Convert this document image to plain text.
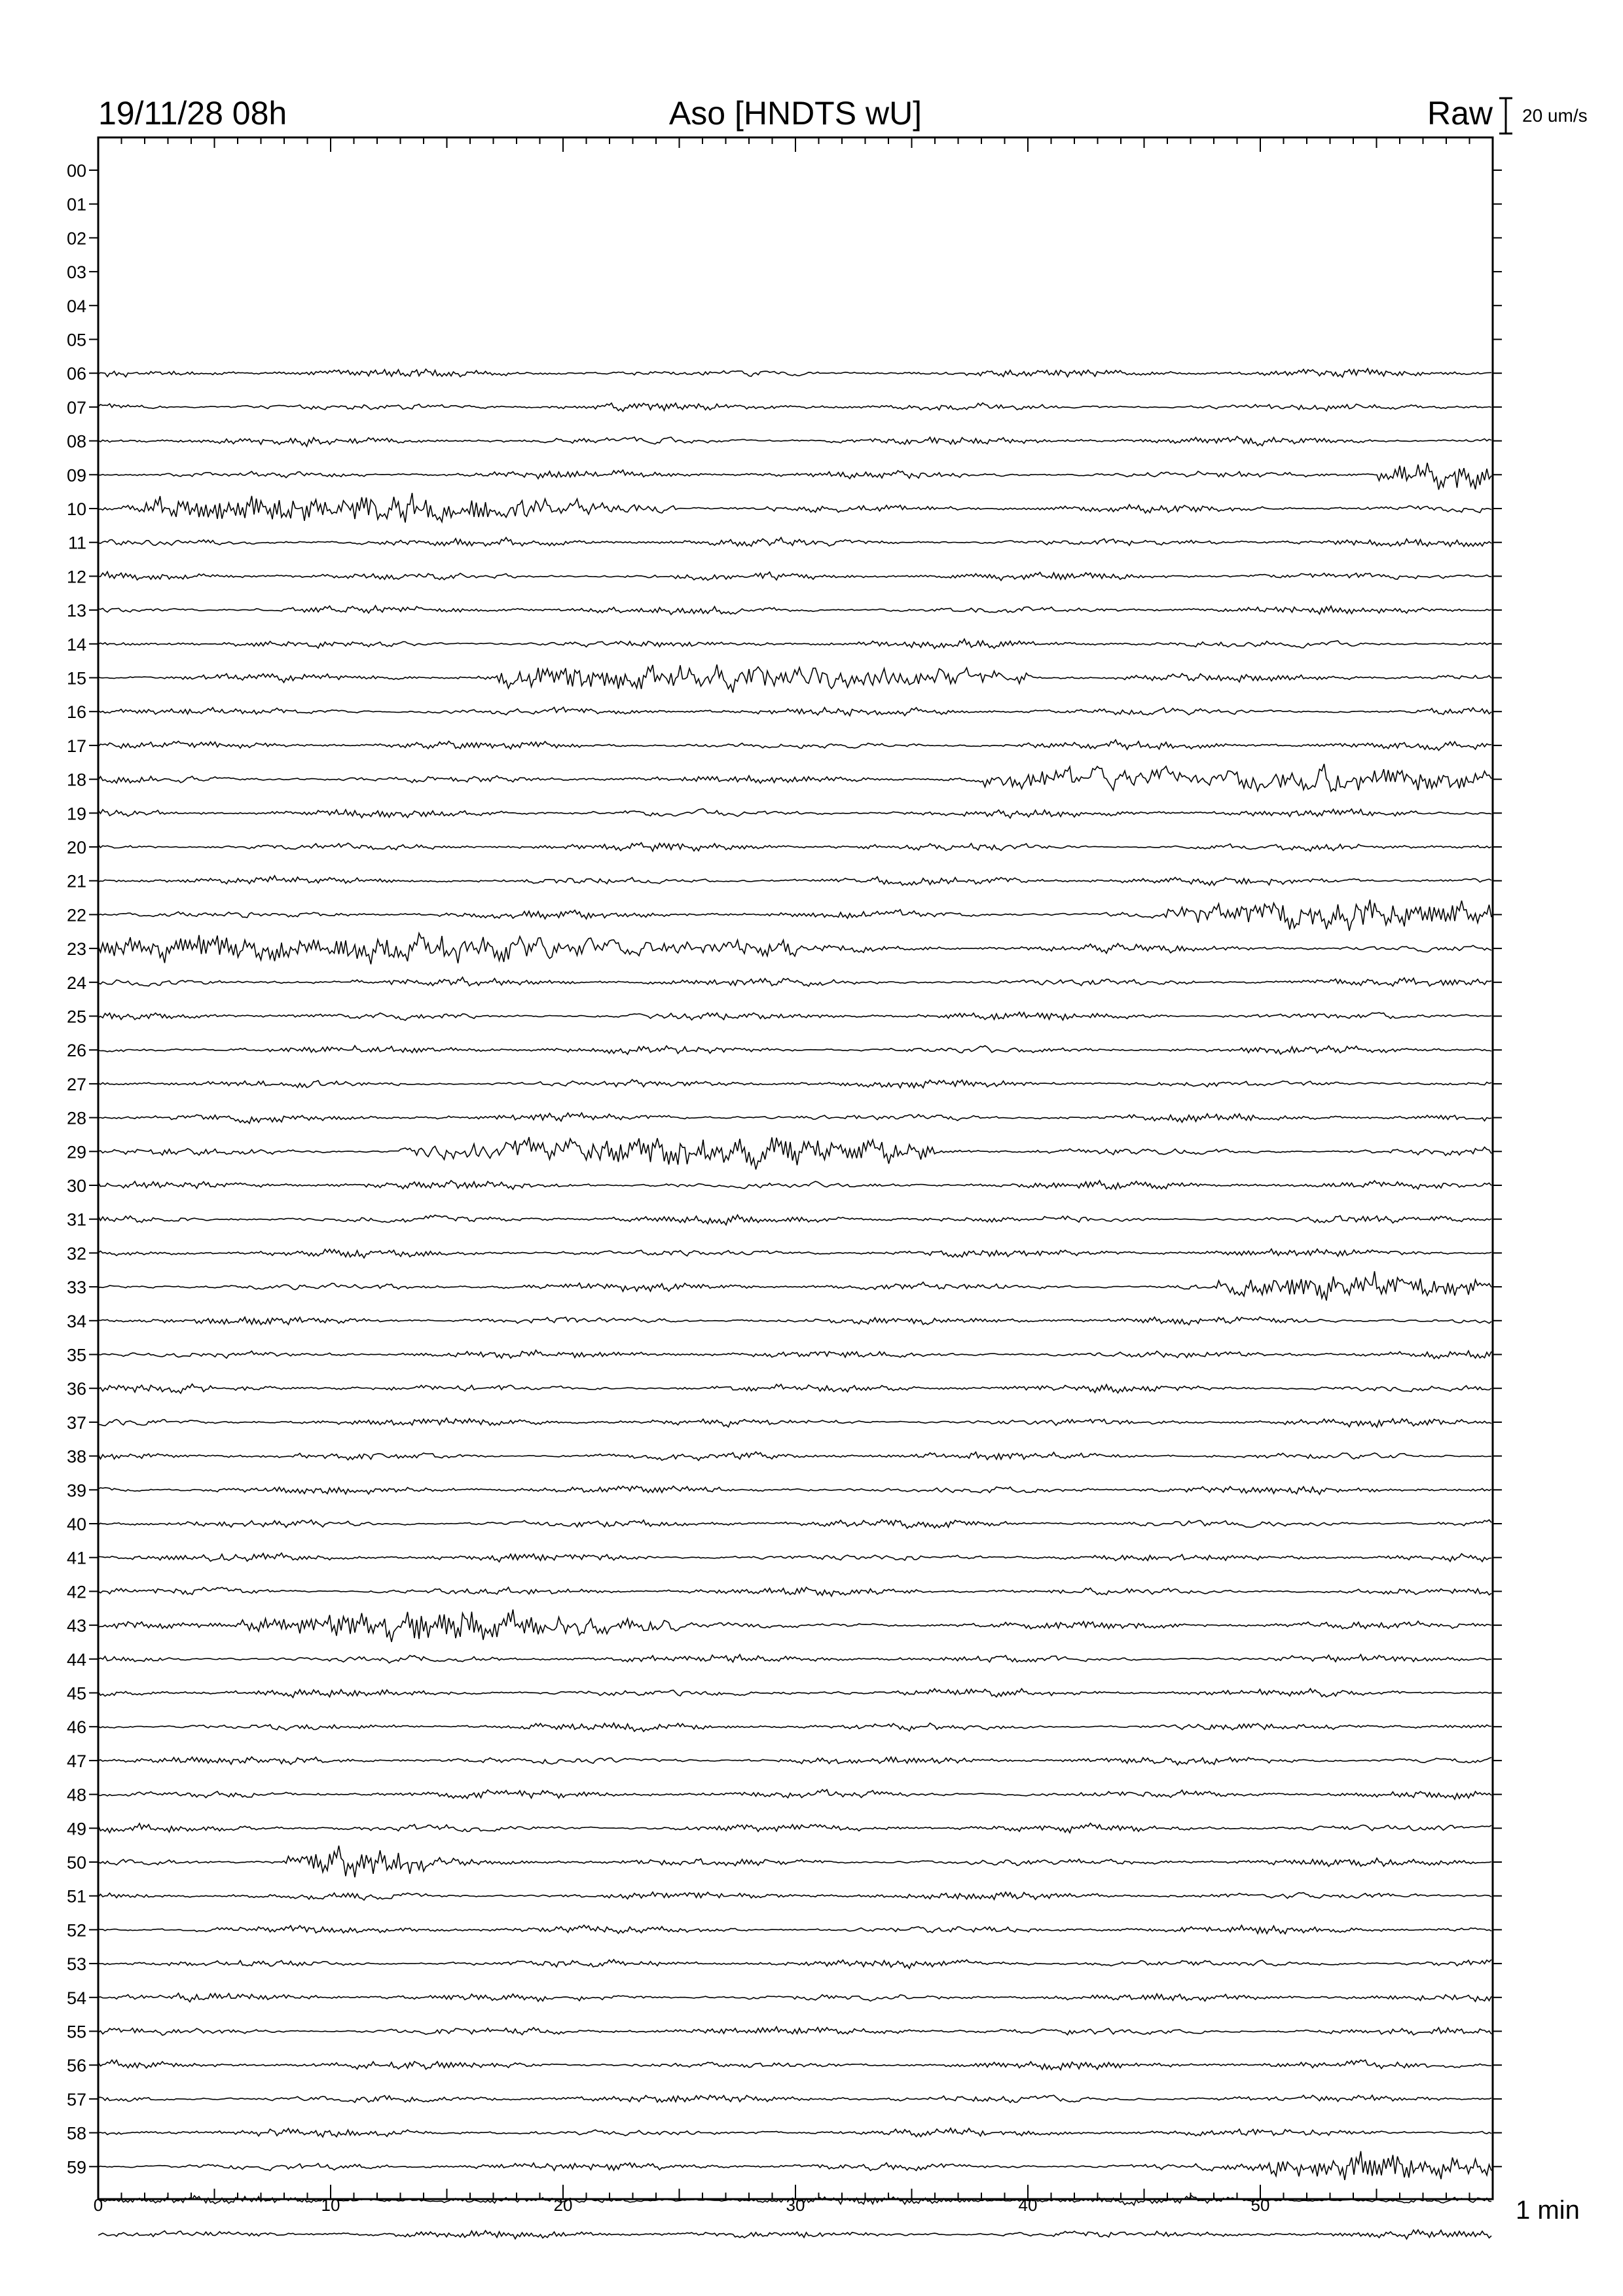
19/11/28 08h	Aso [HNDTS wU]	Raw 20 um/s
00
01
02
03
04
05
06
07
08
09
10
11
12
13
14
15
16
17
18
19
20
21
22
23
24
25
26
27
28
29
30
31
32
33
34
35
36
37
38
39
40
41
42
43
44
45
46
47
48
49
50
51
52
53
54
55
56
57
58
59
0	10	20	30	40	50	1 min
